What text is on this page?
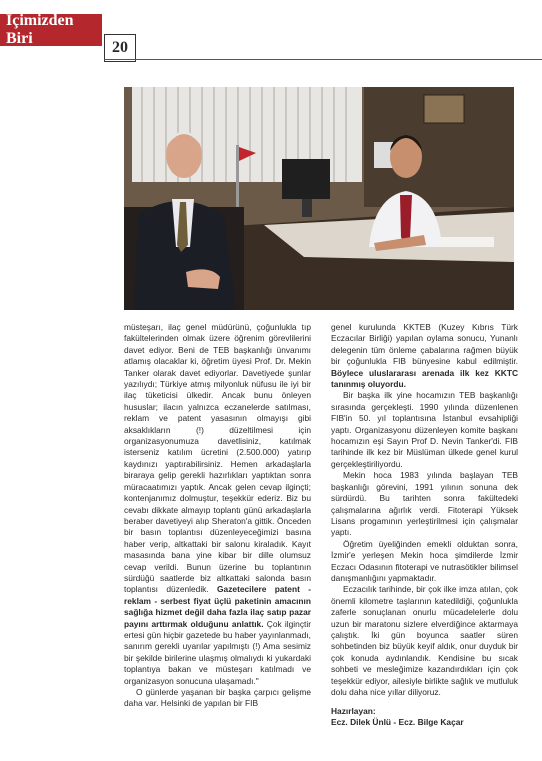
İçimizden Biri
20

müsteşarı, ilaç genel müdürünü, çoğunlukla tıp fakültelerinden olmak üzere öğrenim görevlilerini davet ediyor. Beni de TEB başkanlığı ünvanımı atlamış olacaklar ki, öğretim üyesi Prof. Dr. Mekin Tanker olarak davet ediyorlar. Davetiyede şunlar yazılıydı; Türkiye atmış milyonluk nüfusu ile iyi bir ilaç tüketicisi ülkedir. Ancak bunu önleyen hususlar; ilacın yalnızca eczanelerde satılması, reklam ve patent yasasının olmayışı gibi aksaklıkların (!) düzeltilmesi için organizasyonumuza davetlisiniz, katılmak isterseniz katılım ücretini (2.500.000) yatırıp kaydınızı yaptırabilirsiniz. Hemen arkadaşlarla biraraya gelip gerekli hazırlıkları yaptıktan sonra müracaatımızı yaptık. Ancak gelen cevap ilginçti; kontenjanımız dolmuştur, teşekkür ederiz. Biz bu cevabı dikkate almayıp toplantı günü arkadaşlarla beraber davetiyeyi alıp Sheraton'a gittik. Önceden bir basın toplantısı düzenleyeceğimizi basına haber verip, altkattaki bir salonu kiraladık. Kayıt masasında bana yine kibar bir dille olumsuz cevap verildi. Bunun üzerine bu toplantının sürdüğü saatlerde biz altkattaki salonda basın toplantısı düzenledik. Gazetecilere patent - reklam - serbest fiyat üçlü paketinin amacının sağlığa hizmet değil daha fazla ilaç satıp pazar payını arttırmak olduğunu anlattık. Çok ilginçtir ertesi gün hiçbir gazetede bu haber yayınlanmadı, sanırım gerekli uyarılar yapılmıştı (!) Ama sesimiz bir şekilde birilerine ulaşmış olmalıydı ki yukardaki toplantıya bakan ve müsteşarı katılmadı ve organizasyon sonucuna ulaşamadı."

O günlerde yaşanan bir başka çarpıcı gelişme daha var. Helsinki de yapılan bir FIB

genel kurulunda KKTEB (Kuzey Kıbrıs Türk Eczacılar Birliği) yapılan oylama sonucu, Yunanlı delegenin tüm önleme çabalarına rağmen büyük bir çoğunlukla FIB bünyesine kabul edilmiştir. Böylece uluslararası arenada ilk kez KKTC tanınmış oluyordu.

Bir başka ilk yine hocamızın TEB başkanlığı sırasında gerçekleşti. 1990 yılında düzenlenen FIB'in 50. yıl toplantısına İstanbul evsahipliği yaptı. Organizasyonu düzenleyen komite başkanı hocamızın eşi Sayın Prof D. Nevin Tanker'di. FIB tarihinde ilk kez bir Müslüman ülkede genel kurul gerçekleştiriliyordu.

Mekin hoca 1983 yılında başlayan TEB başkanlığı görevini, 1991 yılının sonuna dek sürdürdü. Bu tarihten sonra fakültedeki çalışmalarına ağırlık verdi. Fitoterapi Yüksek Lisans progamının yerleştirilmesi için çalışmalar yaptı.

Öğretim üyeliğinden emekli olduktan sonra, İzmir'e yerleşen Mekin hoca şimdilerde İzmir Eczacı Odasının fitoterapi ve nutrasötikler bilimsel danışmanlığını yapmaktadır.

Eczacılık tarihinde, bir çok ilke imza atılan, çok önemli kilometre taşlarının katedildiği, çoğunlukla zaferle sonuçlanan onurlu mücadelelerle dolu uzun bir maratonu sizlere elverdiğince aktarmaya çalıştık. İki gün boyunca saatler süren sohbetinden biz büyük keyif aldık, onur duyduk bir çok konuda aydınlandık. Kendisine bu sıcak sohbeti ve mesleğimize kazandırdıkları için çok teşekkür ediyor, ailesiyle birlikte sağlık ve mutluluk dolu daha nice yıllar diliyoruz.

Hazırlayan:
Ecz. Dilek Ünlü - Ecz. Bilge Kaçar
